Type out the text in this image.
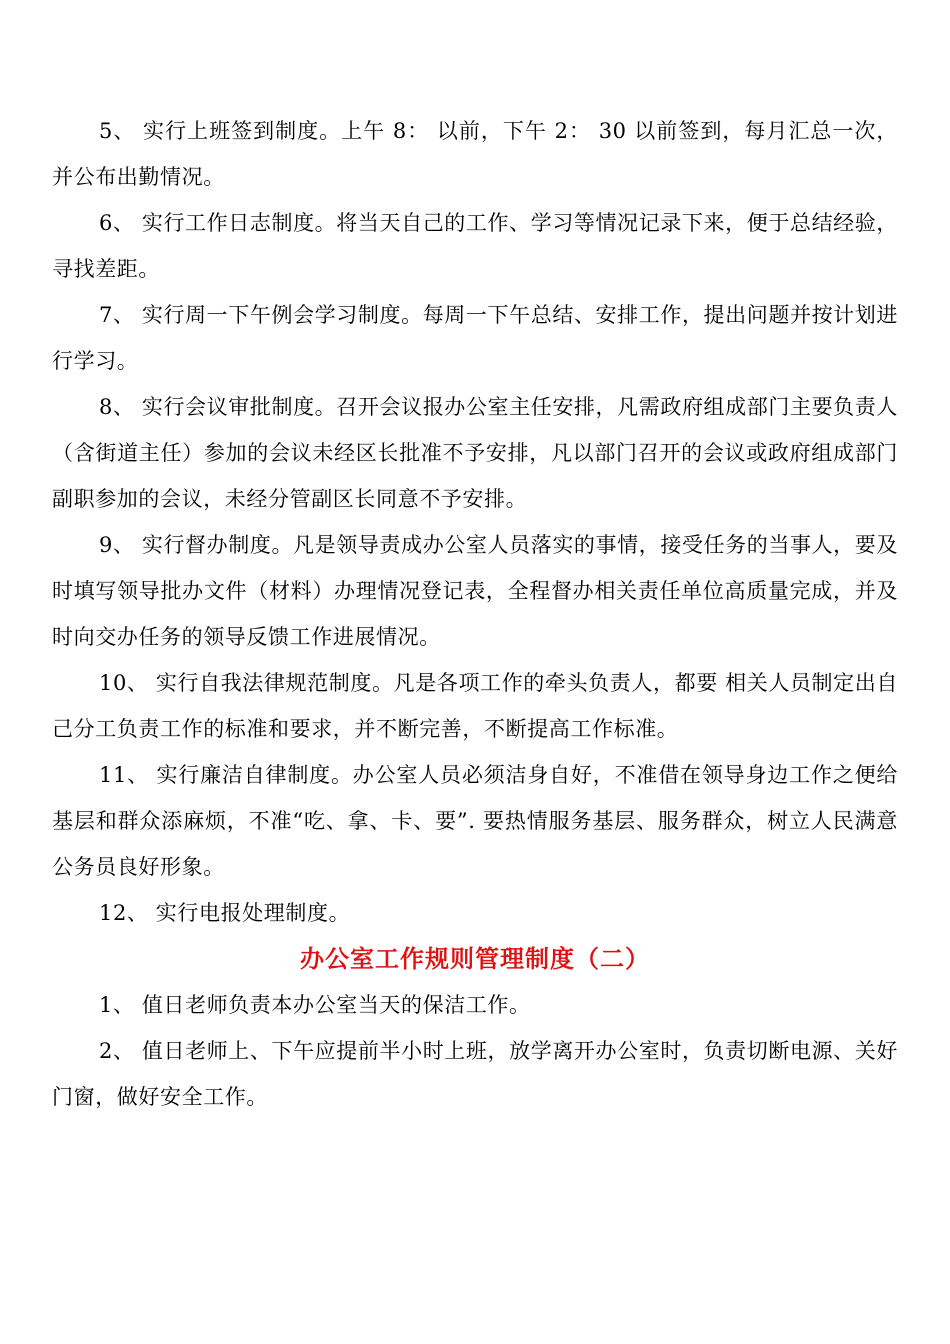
5、 实行上班签到制度。上午 8： 以前，下午 2： 30 以前签到，每月汇总一次，并公布出勤情况。

6、 实行工作日志制度。将当天自己的工作、学习等情况记录下来，便于总结经验，寻找差距。

7、 实行周一下午例会学习制度。每周一下午总结、安排工作，提出问题并按计划进行学习。

8、 实行会议审批制度。召开会议报办公室主任安排，凡需政府组成部门主要负责人（含街道主任）参加的会议未经区长批准不予安排，凡以部门召开的会议或政府组成部门副职参加的会议，未经分管副区长同意不予安排。

9、 实行督办制度。凡是领导责成办公室人员落实的事情，接受任务的当事人，要及时填写领导批办文件（材料）办理情况登记表，全程督办相关责任单位高质量完成，并及时向交办任务的领导反馈工作进展情况。

10、 实行自我法律规范制度。凡是各项工作的牵头负责人，都要 相关人员制定出自己分工负责工作的标准和要求，并不断完善，不断提高工作标准。

11、 实行廉洁自律制度。办公室人员必须洁身自好，不准借在领导身边工作之便给基层和群众添麻烦，不准“吃、拿、卡、要”. 要热情服务基层、服务群众，树立人民满意公务员良好形象。

12、 实行电报处理制度。

办公室工作规则管理制度（二）

1、 值日老师负责本办公室当天的保洁工作。

2、 值日老师上、下午应提前半小时上班，放学离开办公室时，负责切断电源、关好门窗，做好安全工作。
